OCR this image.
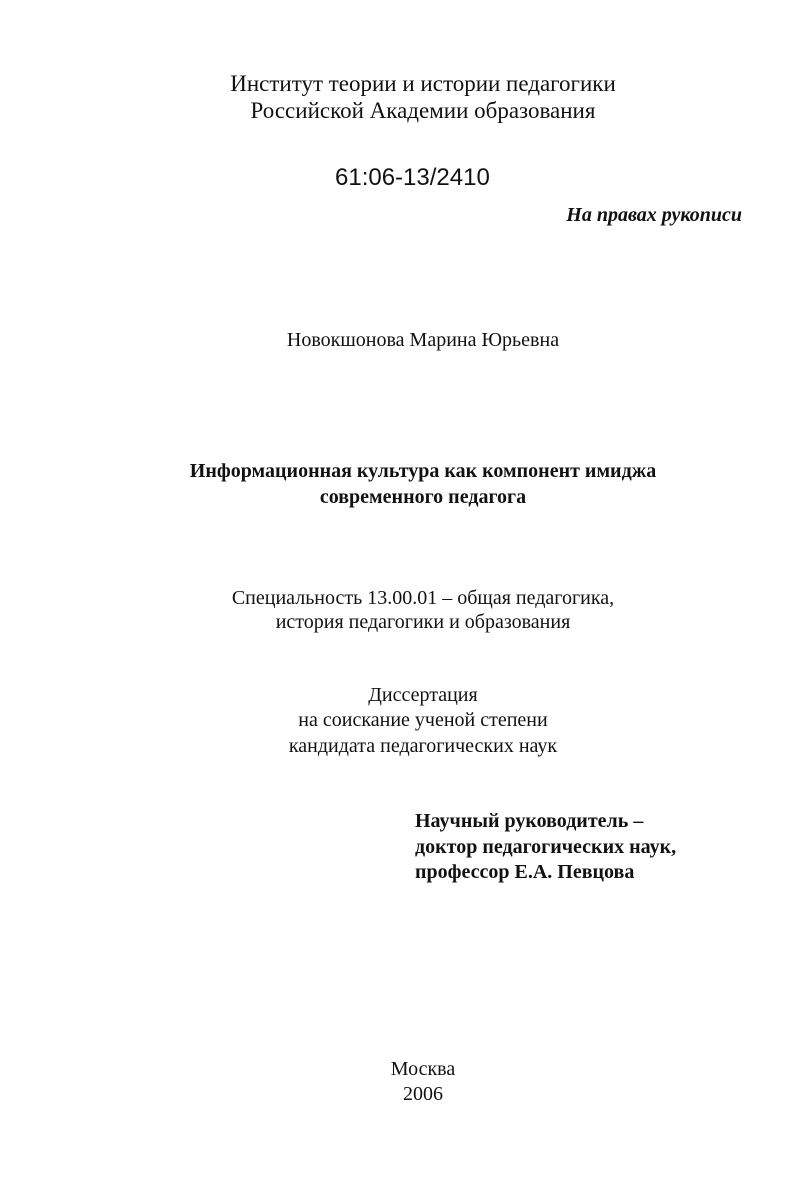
Институт теории и истории педагогики
Российской Академии образования
61:06-13/2410
На правах рукописи
Новокшонова Марина Юрьевна
Информационная культура как компонент имиджа
современного педагога
Специальность 13.00.01 – общая педагогика,
история педагогики и образования
Диссертация
на соискание ученой степени
кандидата педагогических наук
Научный руководитель –
доктор педагогических наук,
профессор Е.А. Певцова
Москва
2006
